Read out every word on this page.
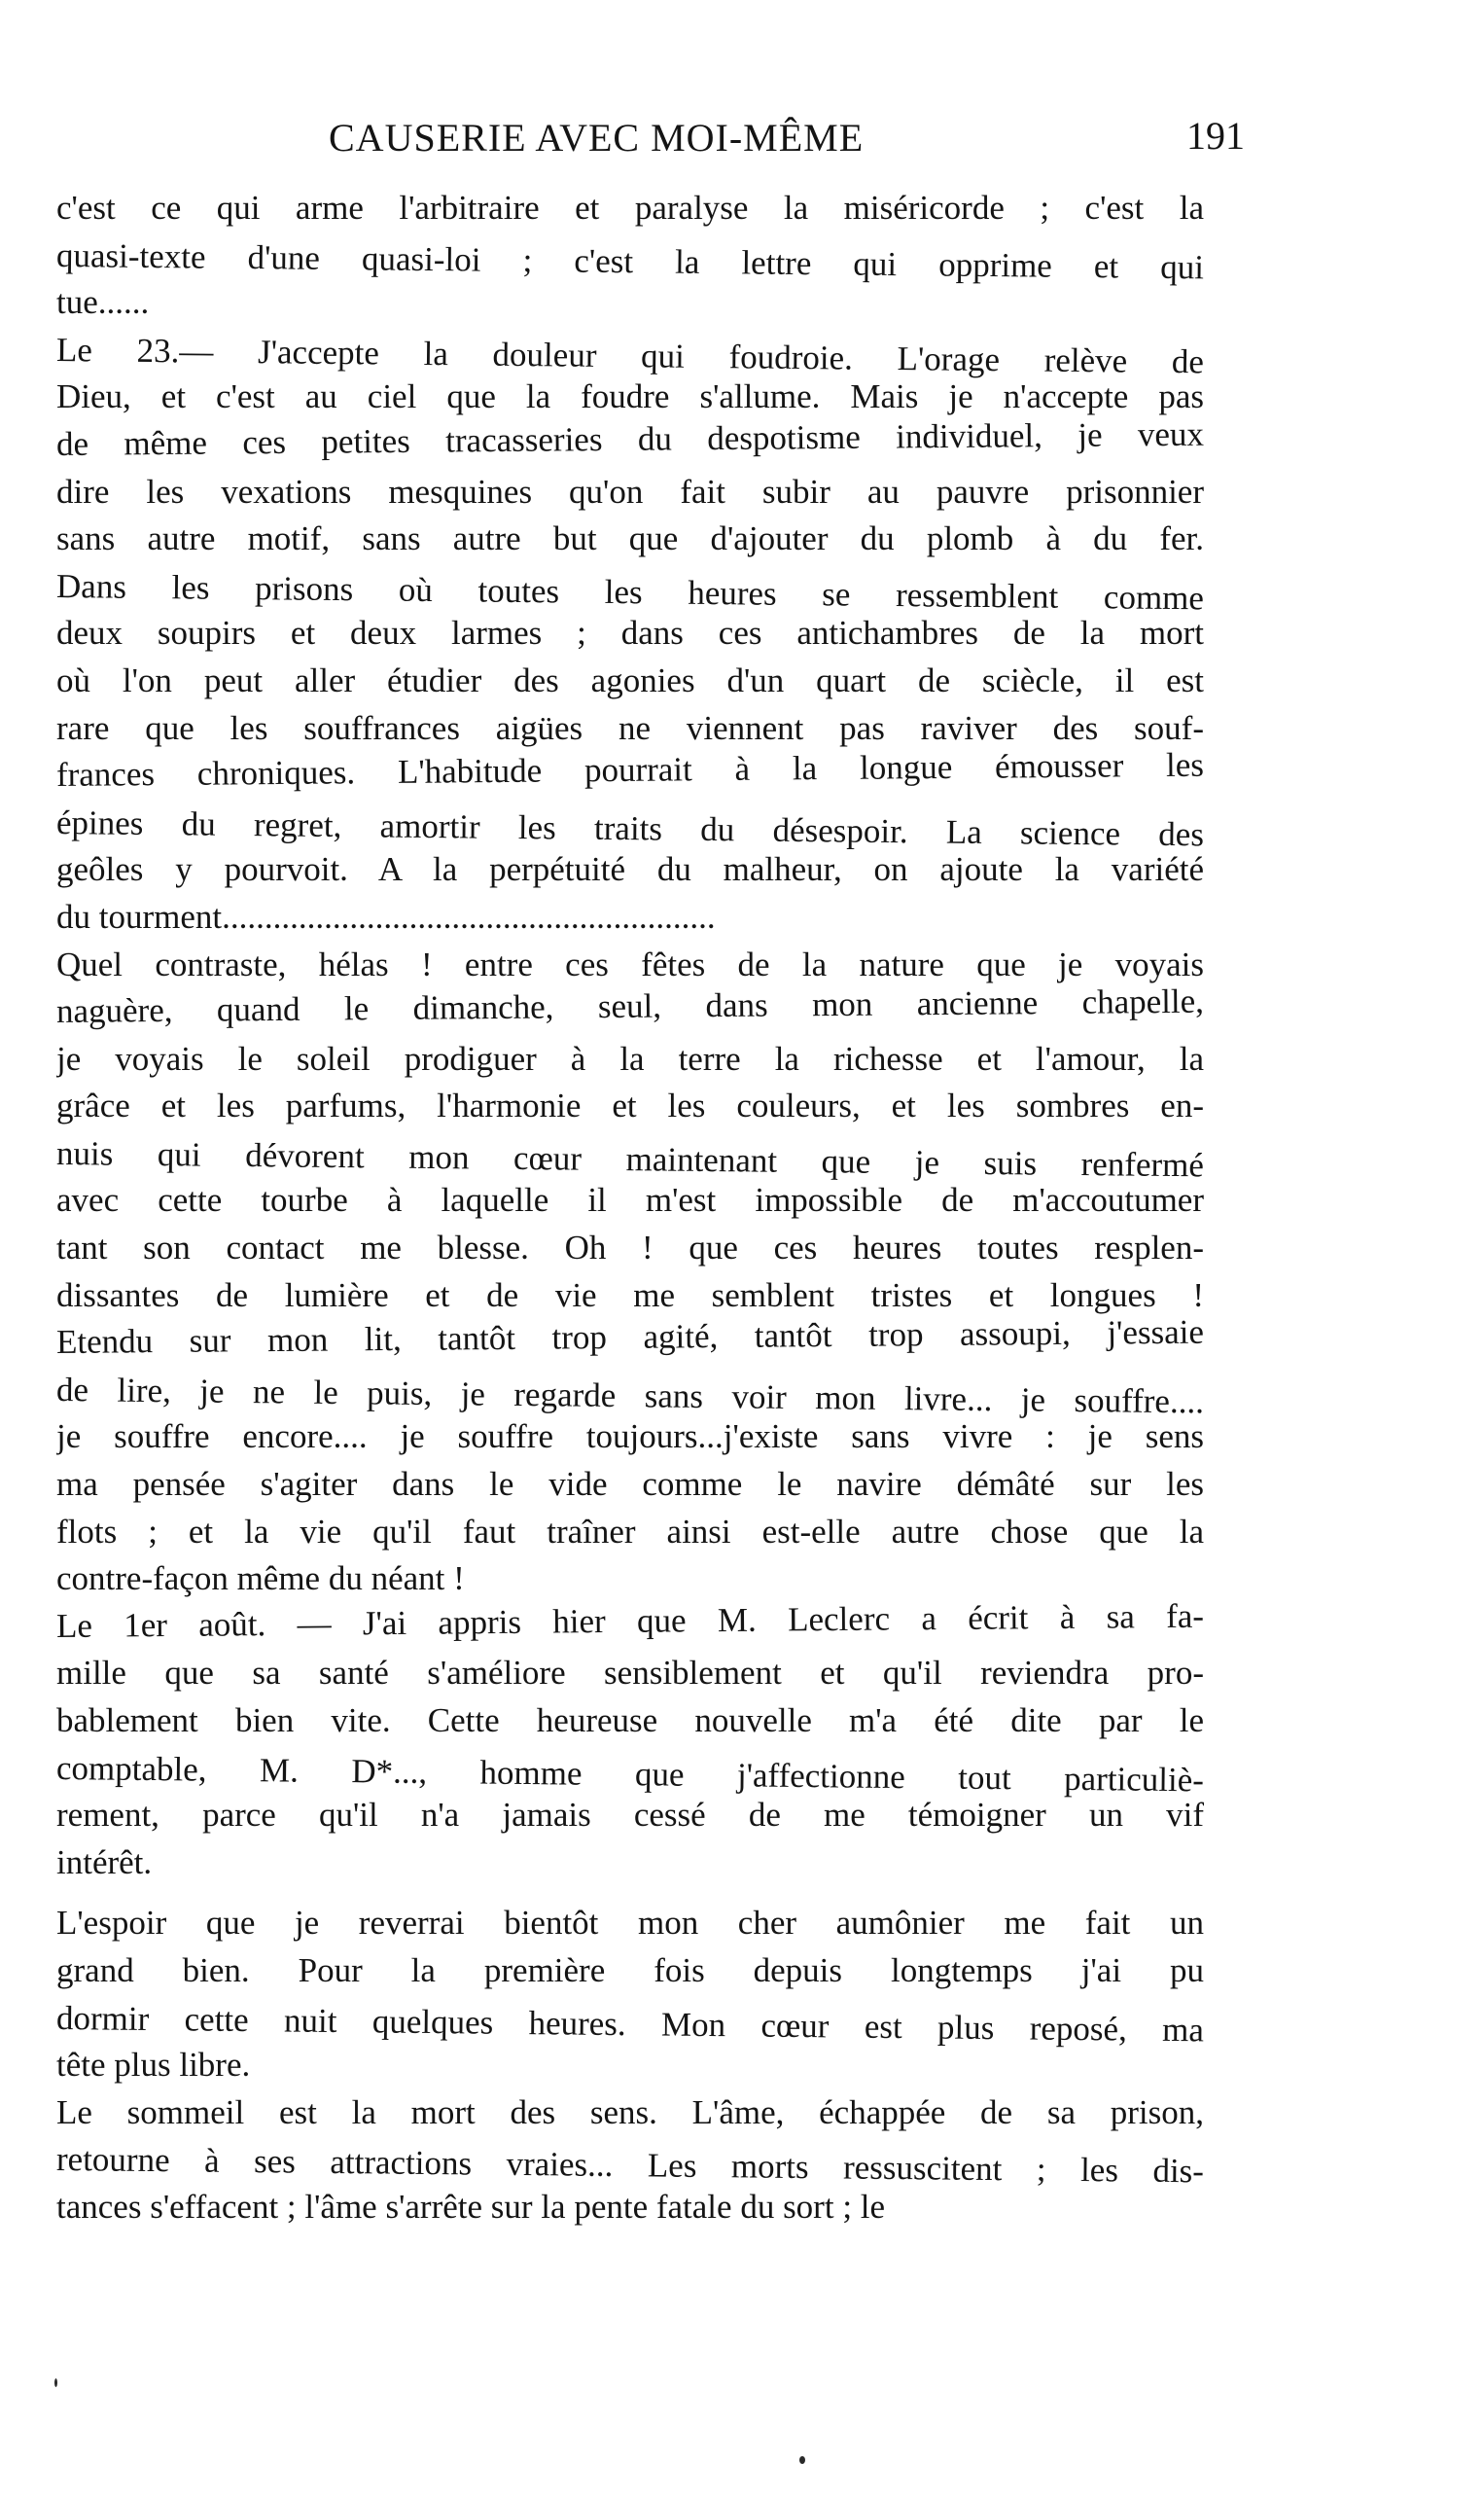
CAUSERIE AVEC MOI-MÊME	191
c'est ce qui arme l'arbitraire et paralyse la miséricorde ; c'est la
quasi-texte d'une quasi-loi ; c'est la lettre qui opprime et qui
tue......
Le 23.— J'accepte la douleur qui foudroie. L'orage relève de
Dieu, et c'est au ciel que la foudre s'allume. Mais je n'accepte pas
de même ces petites tracasseries du despotisme individuel, je veux
dire les vexations mesquines qu'on fait subir au pauvre prisonnier
sans autre motif, sans autre but que d'ajouter du plomb à du fer.
Dans les prisons où toutes les heures se ressemblent comme
deux soupirs et deux larmes ; dans ces antichambres de la mort
où l'on peut aller étudier des agonies d'un quart de sciècle, il est
rare que les souffrances aigües ne viennent pas raviver des souf-
frances chroniques. L'habitude pourrait à la longue émousser les
épines du regret, amortir les traits du désespoir. La science des
geôles y pourvoit. A la perpétuité du malheur, on ajoute la variété
du tourment..........................................................
Quel contraste, hélas ! entre ces fêtes de la nature que je voyais
naguère, quand le dimanche, seul, dans mon ancienne chapelle,
je voyais le soleil prodiguer à la terre la richesse et l'amour, la
grâce et les parfums, l'harmonie et les couleurs, et les sombres en-
nuis qui dévorent mon cœur maintenant que je suis renfermé
avec cette tourbe à laquelle il m'est impossible de m'accoutumer
tant son contact me blesse. Oh ! que ces heures toutes resplen-
dissantes de lumière et de vie me semblent tristes et longues !
Etendu sur mon lit, tantôt trop agité, tantôt trop assoupi, j'essaie
de lire, je ne le puis, je regarde sans voir mon livre... je souffre....
je souffre encore.... je souffre toujours...j'existe sans vivre : je sens
ma pensée s'agiter dans le vide comme le navire démâté sur les
flots ; et la vie qu'il faut traîner ainsi est-elle autre chose que la
contre-façon même du néant !
Le 1er août. — J'ai appris hier que M. Leclerc a écrit à sa fa-
mille que sa santé s'améliore sensiblement et qu'il reviendra pro-
bablement bien vite. Cette heureuse nouvelle m'a été dite par le
comptable, M. D*..., homme que j'affectionne tout particuliè-
rement, parce qu'il n'a jamais cessé de me témoigner un vif
intérêt.
L'espoir que je reverrai bientôt mon cher aumônier me fait un
grand bien. Pour la première fois depuis longtemps j'ai pu
dormir cette nuit quelques heures. Mon cœur est plus reposé, ma
tête plus libre.
Le sommeil est la mort des sens. L'âme, échappée de sa prison,
retourne à ses attractions vraies... Les morts ressuscitent ; les dis-
tances s'effacent ; l'âme s'arrête sur la pente fatale du sort ; le
